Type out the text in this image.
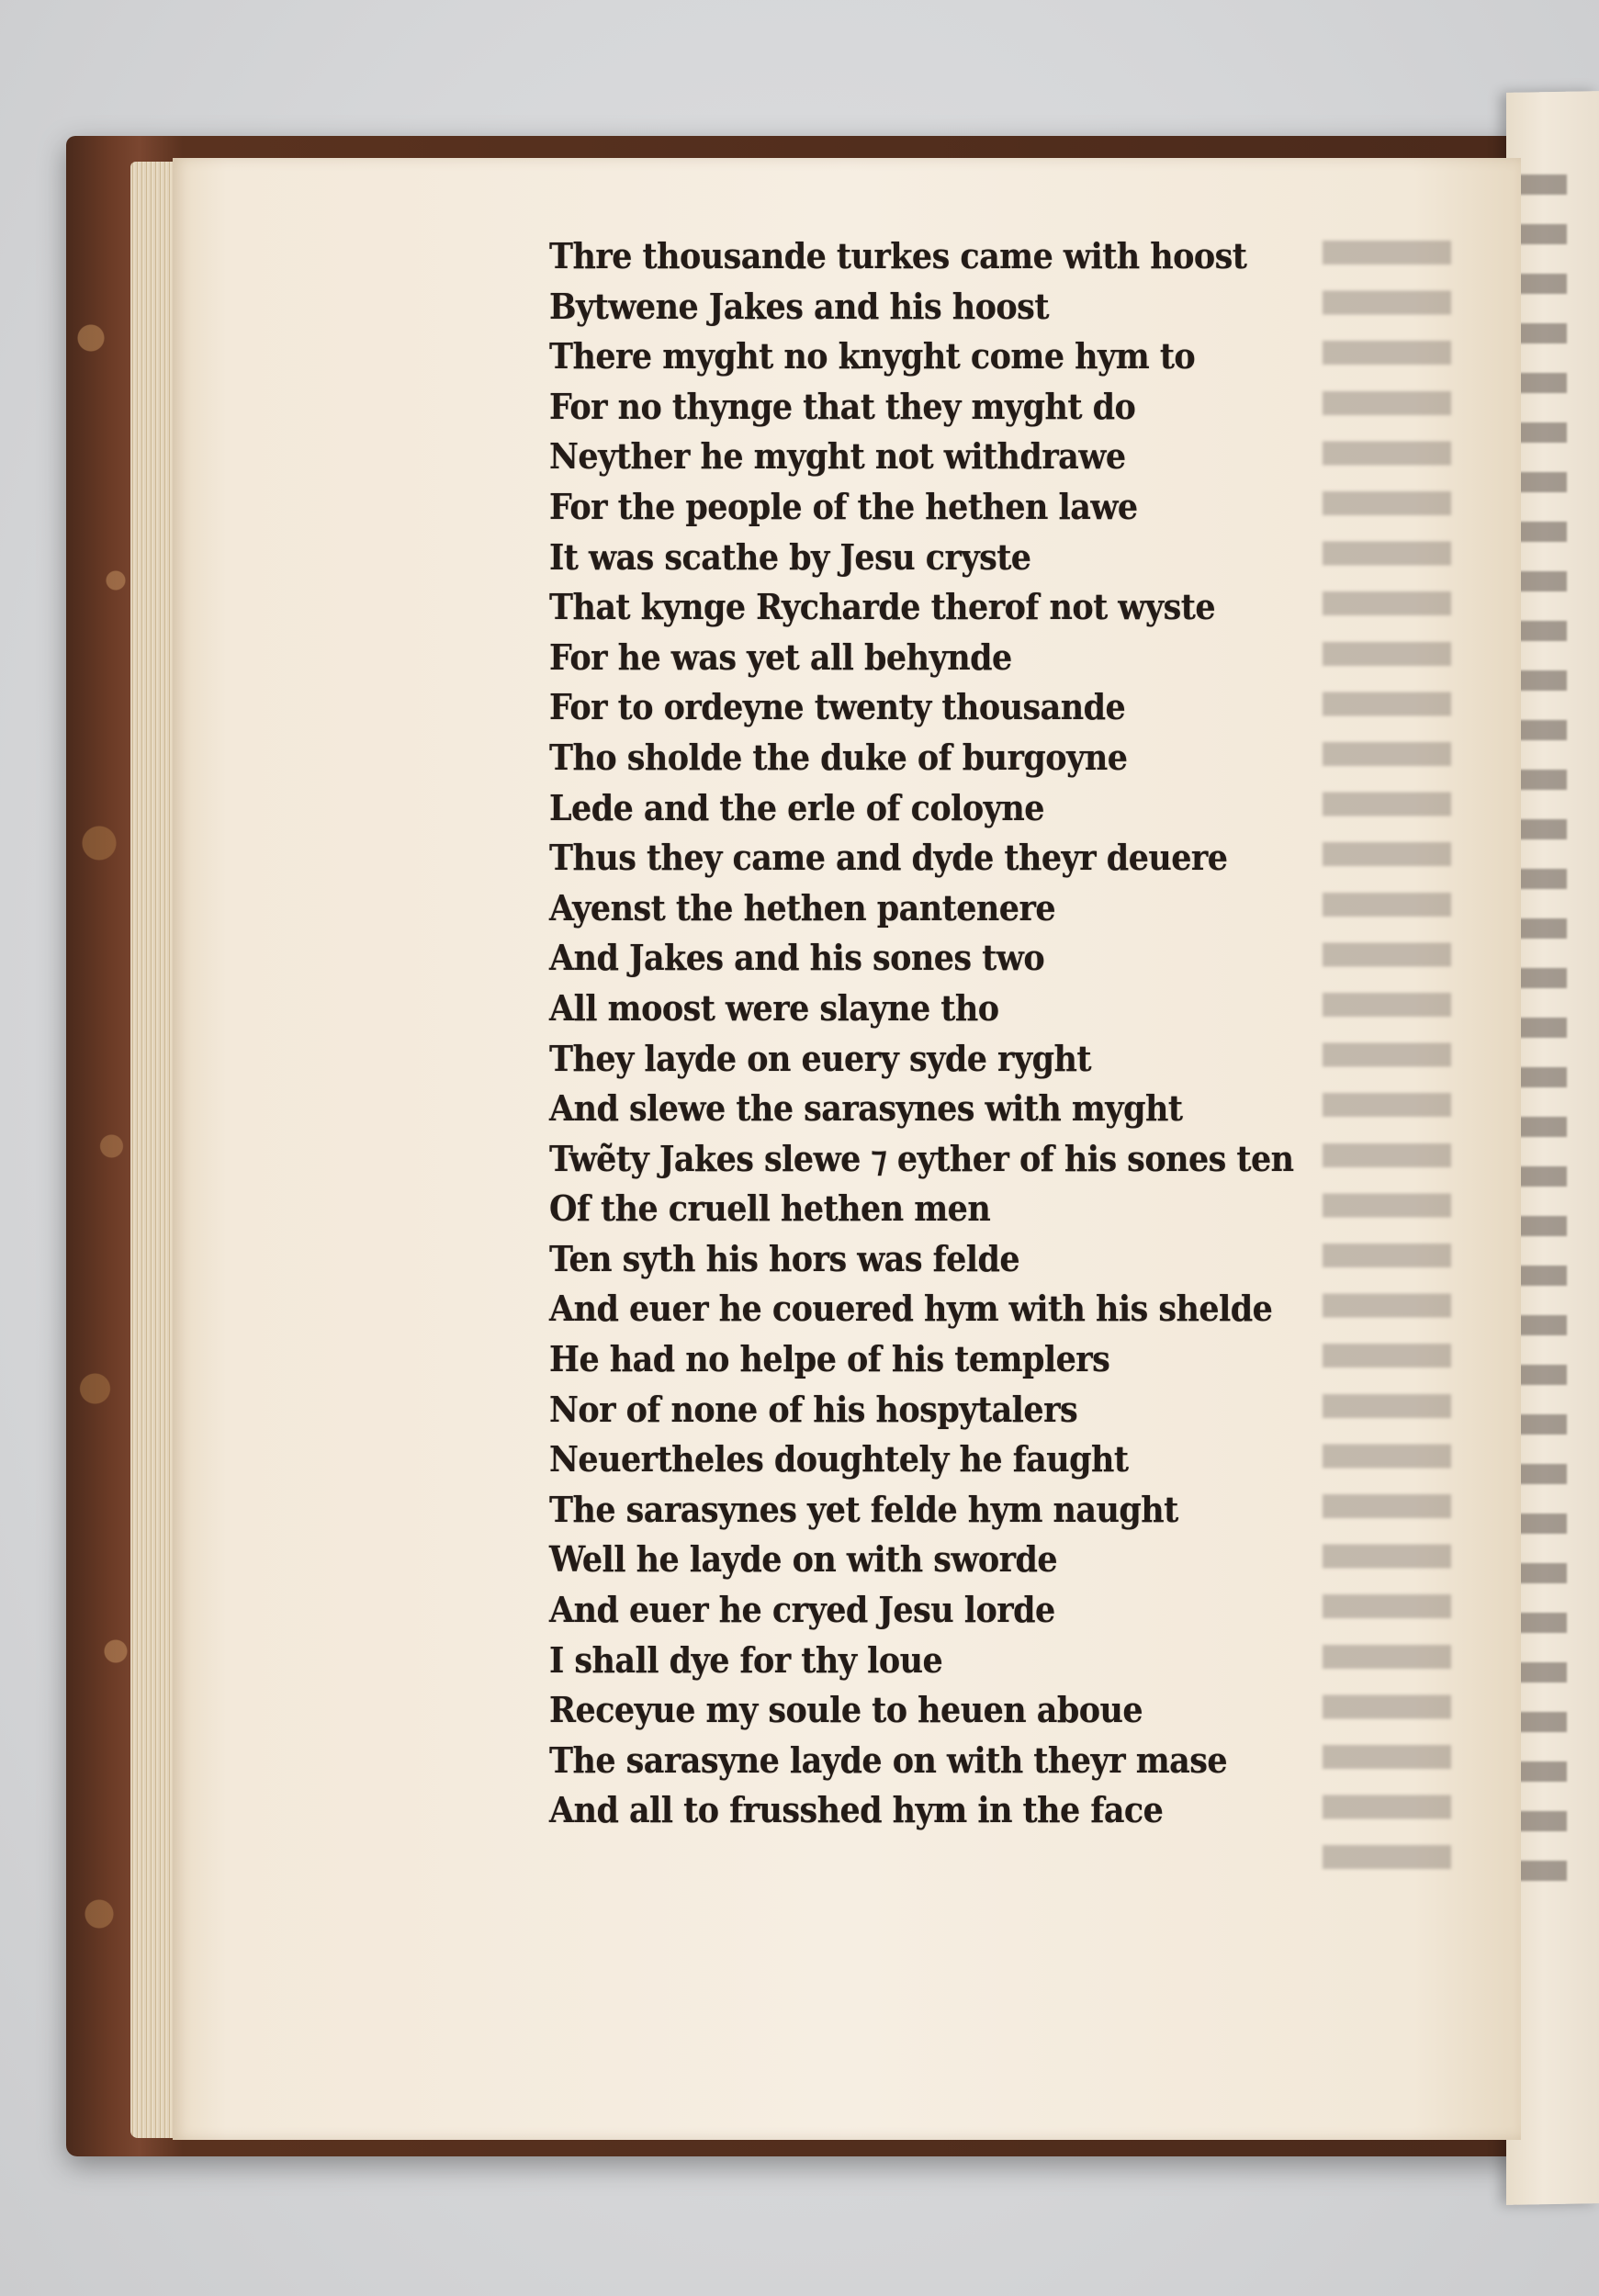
Thre thousande turkes came with hoost
Bytwene Jakes and his hoost
There myght no knyght come hym to
For no thynge that they myght do
Neyther he myght not withdrawe
For the people of the hethen lawe
It was scathe by Jesu cryste
That kynge Rycharde therof not wyste
For he was yet all behynde
For to ordeyne twenty thousande
Tho sholde the duke of burgoyne
Lede and the erle of coloyne
Thus they came and dyde theyr deuere
Ayenst the hethen pantenere
And Jakes and his sones two
All moost were slayne tho
They layde on euery syde ryght
And slewe the sarasynes with myght
Twẽty Jakes slewe ⁊ eyther of his sones ten
Of the cruell hethen men
Ten syth his hors was felde
And euer he couered hym with his shelde
He had no helpe of his templers
Nor of none of his hospytalers
Neuertheles doughtely he faught
The sarasynes yet felde hym naught
Well he layde on with sworde
And euer he cryed Jesu lorde
I shall dye for thy loue
Receyue my soule to heuen aboue
The sarasyne layde on with theyr mase
And all to frusshed hym in the face
